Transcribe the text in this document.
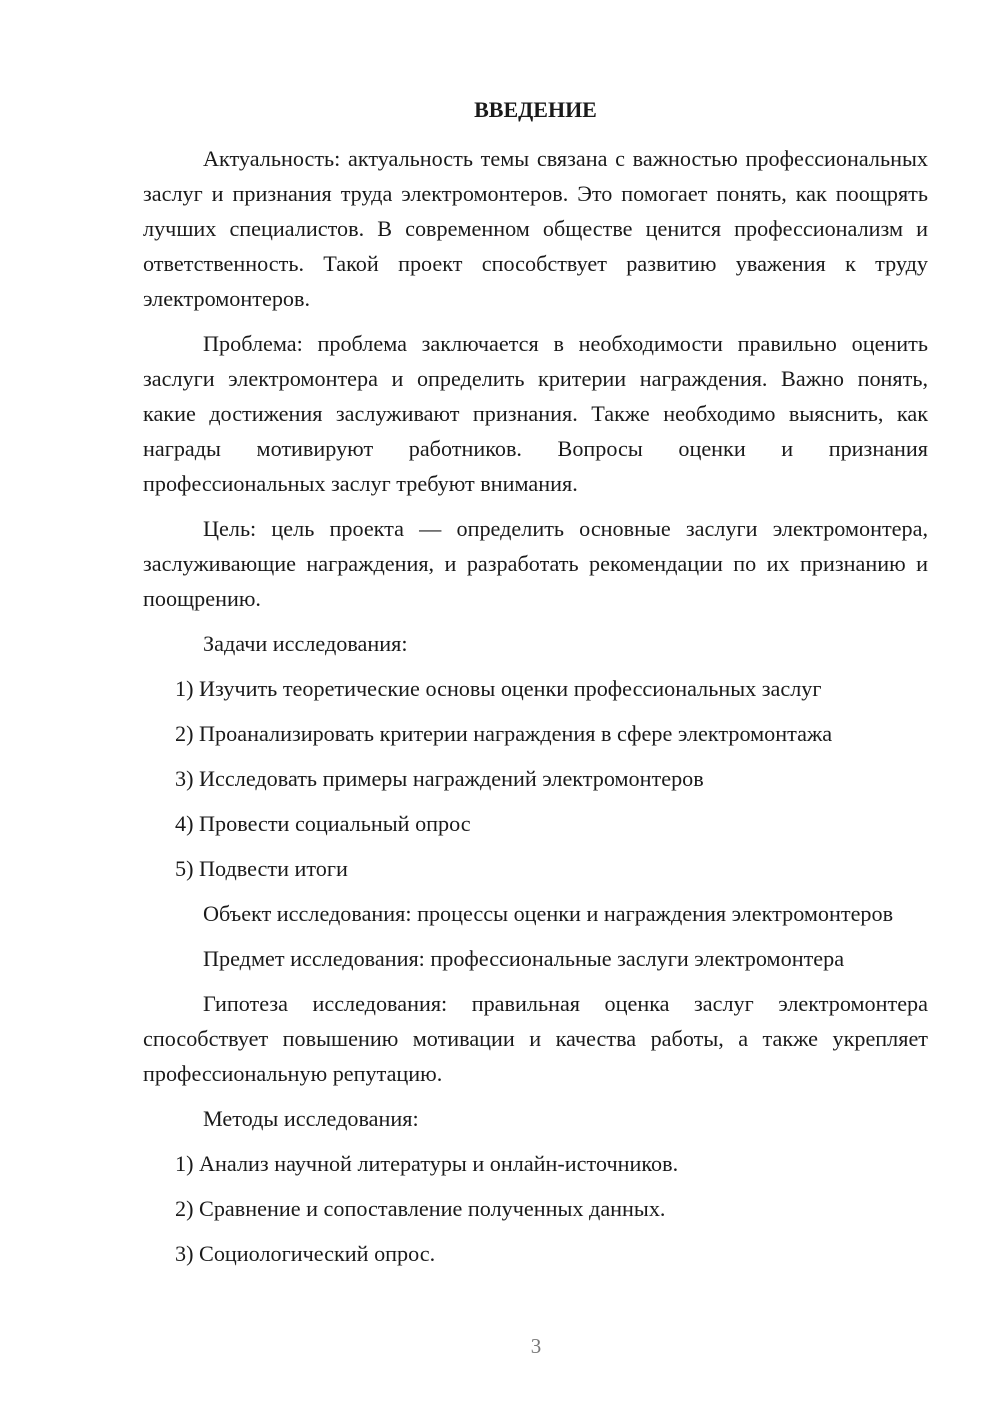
ВВЕДЕНИЕ

Актуальность: актуальность темы связана с важностью профессиональных заслуг и признания труда электромонтеров. Это помогает понять, как поощрять лучших специалистов. В современном обществе ценится профессионализм и ответственность. Такой проект способствует развитию уважения к труду электромонтеров.

Проблема: проблема заключается в необходимости правильно оценить заслуги электромонтера и определить критерии награждения. Важно понять, какие достижения заслуживают признания. Также необходимо выяснить, как награды мотивируют работников. Вопросы оценки и признания профессиональных заслуг требуют внимания.

Цель: цель проекта — определить основные заслуги электромонтера, заслуживающие награждения, и разработать рекомендации по их признанию и поощрению.

Задачи исследования:
1) Изучить теоретические основы оценки профессиональных заслуг
2) Проанализировать критерии награждения в сфере электромонтажа
3) Исследовать примеры награждений электромонтеров
4) Провести социальный опрос
5) Подвести итоги

Объект исследования: процессы оценки и награждения электромонтеров

Предмет исследования: профессиональные заслуги электромонтера

Гипотеза исследования: правильная оценка заслуг электромонтера способствует повышению мотивации и качества работы, а также укрепляет профессиональную репутацию.

Методы исследования:
1) Анализ научной литературы и онлайн-источников.
2) Сравнение и сопоставление полученных данных.
3) Социологический опрос.
3
